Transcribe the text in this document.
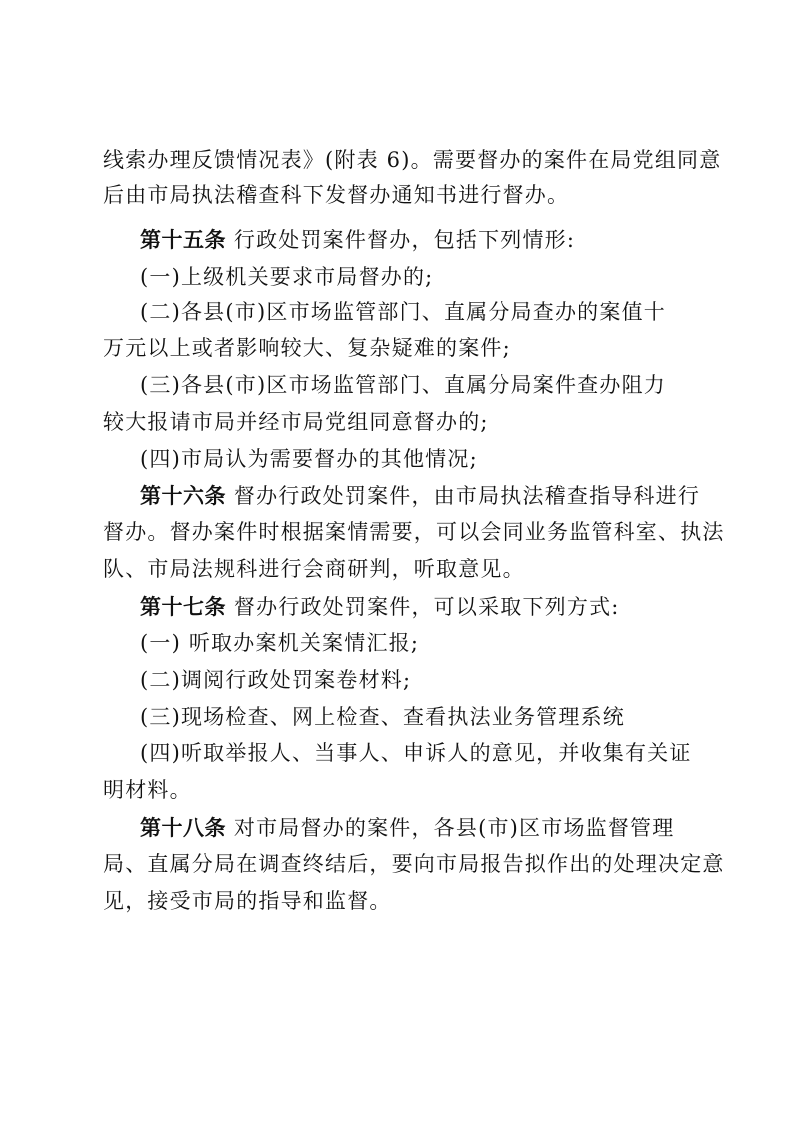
线索办理反馈情况表》(附表 6)。需要督办的案件在局党组同意
后由市局执法稽查科下发督办通知书进行督办。
第十五条 行政处罚案件督办，包括下列情形:
(一)上级机关要求市局督办的;
(二)各县(市)区市场监管部门、直属分局查办的案值十
万元以上或者影响较大、复杂疑难的案件;
(三)各县(市)区市场监管部门、直属分局案件查办阻力
较大报请市局并经市局党组同意督办的;
(四)市局认为需要督办的其他情况;
第十六条 督办行政处罚案件，由市局执法稽查指导科进行
督办。督办案件时根据案情需要，可以会同业务监管科室、执法
队、市局法规科进行会商研判，听取意见。
第十七条 督办行政处罚案件，可以采取下列方式:
(一) 听取办案机关案情汇报;
(二)调阅行政处罚案卷材料;
(三)现场检查、网上检查、查看执法业务管理系统
(四)听取举报人、当事人、申诉人的意见，并收集有关证
明材料。
第十八条 对市局督办的案件，各县(市)区市场监督管理
局、直属分局在调查终结后，要向市局报告拟作出的处理决定意
见，接受市局的指导和监督。
